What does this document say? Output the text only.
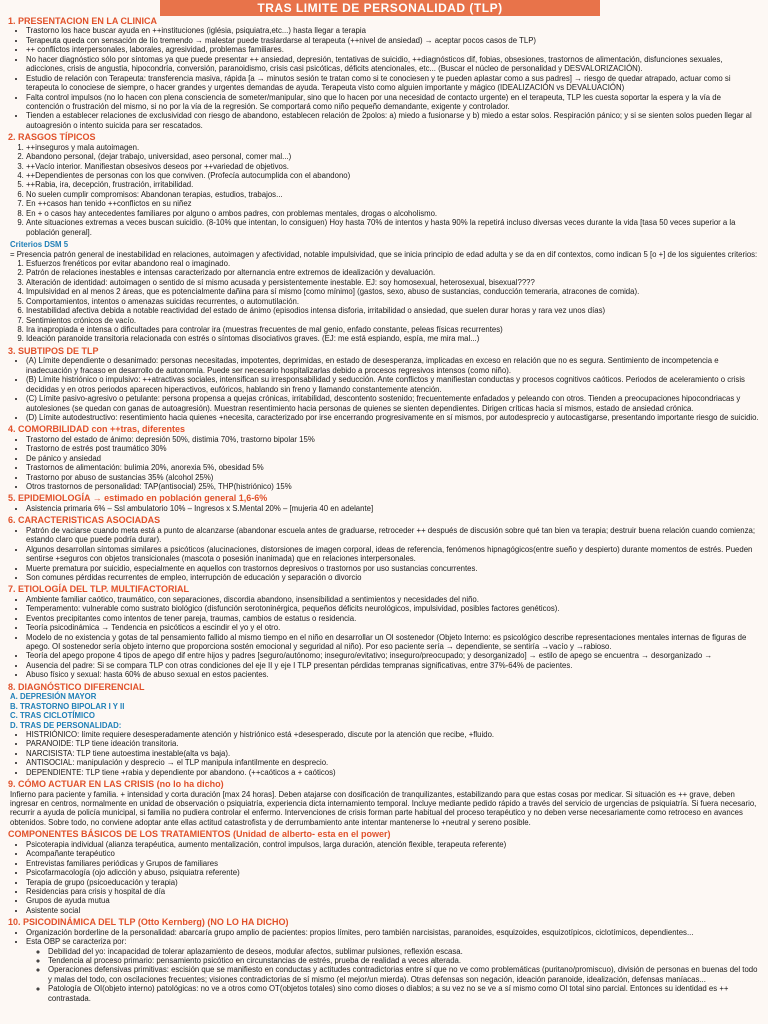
TRAS LIMITE DE PERSONALIDAD (TLP)
1. PRESENTACION EN LA CLINICA
• Trastorno los hace buscar ayuda en ++instituciones (iglésia, psiquiatra,etc...) hasta llegar a terapia
• Terapeuta queda con sensación de lío tremendo → malestar puede traslardarse al terapeuta (++nivel de ansiedad) → aceptar pocos casos de TLP)
• ++ conflictos interpersonales, laborales, agresividad, problemas familiares.
• No hacer diagnóstico sólo por síntomas ya que puede presentar ++ ansiedad, depresión, tentativas de suicidio, ++diagnósticos dif, fobias, obsesiones, trastornos de alimentación, disfunciones sexuales, adicciones, crisis de angustia, hipocondría, conversión, paranoidismo, crisis casi psicóticas, déficits atencionales, etc... (Buscar el núcleo de personalidad y DESVALORIZACIÓN).
• Estudio de relación con Terapeuta: transferencia masiva, rápida [a → minutos sesión te tratan como si te conociesen y te pueden aplastar como a sus padres] → riesgo de quedar atrapado, actuar como si terapeuta lo conociese de siempre, o hacer grandes y urgentes demandas de ayuda. Terapeuta visto como alguien importante y mágico (IDEALIZACIÓN vs DEVALUACIÓN)
• Falta control impulsos (no lo hacen con plena consciencia de someter/manipular, sino que lo hacen por una necesidad de contacto urgente) en el terapeuta, TLP les cuesta soportar la espera y la vía de contención o frustración del mismo, si no por la vía de la regresión. Se comportará como niño pequeño demandante, exigente y controlador.
• Tienden a establecer relaciones de exclusividad con riesgo de abandono, establecen relación de 2polos: a) miedo a fusionarse y b) miedo a estar solos. Respiración pánico; y si se sienten solos pueden llegar al autoagresión o intento suicida para ser rescatados.
2. RASGOS TÍPICOS
1. ++inseguros y mala autoimagen.
2. Abandono personal, (dejar trabajo, universidad, aseo personal, comer mal...)
3. ++Vacío interior. Manifiestan obsesivos deseos por ++variedad de objetivos.
4. ++Dependientes de personas con los que conviven. (Profecía autocumplida con el abandono)
5. ++Rabia, ira, decepción, frustración, irritabilidad.
6. No suelen cumplir compromisos: Abandonan terapias, estudios, trabajos...
7. En ++casos han tenido ++conflictos en su niñez
8. En + o casos hay antecedentes familiares por alguno o ambos padres, con problemas mentales, drogas o alcoholismo.
9. Ante situaciones extremas a veces buscan suicidio. (8-10% que intentan, lo consiguen) Hoy hasta 70% de intentos y hasta 90% la repetirá incluso diversas veces durante la vida [tasa 50 veces superior a la población general].
Criterios DSM 5
= Presencia patrón general de inestabilidad en relaciones, autoimagen y afectividad, notable impulsividad, que se inicia principio de edad adulta y se da en dif contextos, como indican 5 [o +] de los siguientes criterios:
1. Esfuerzos frenéticos por evitar abandono real o imaginado.
2. Patrón de relaciones inestables e intensas caracterizado por alternancia entre extremos de idealización y devaluación.
3. Alteración de identidad: autoimagen o sentido de sí mismo acusada y persistentemente inestable. EJ: soy homosexual, heterosexual, bisexual????
4. Impulsividad en al menos 2 áreas, que es potencialmente dañina para sí mismo [como mínimo] (gastos, sexo, abuso de sustancias, conducción temeraria, atracones de comida).
5. Comportamientos, intentos o amenazas suicidas recurrentes, o automutilación.
6. Inestabilidad afectiva debida a notable reactividad del estado de ánimo (episodios intensa disforia, irritabilidad o ansiedad, que suelen durar horas y rara vez unos días)
7. Sentimientos crónicos de vacío.
8. Ira inapropiada e intensa o dificultades para controlar ira (muestras frecuentes de mal genio, enfado constante, peleas físicas recurrentes)
9. Ideación paranoide transitoria relacionada con estrés o síntomas disociativos graves. (EJ: me está espiando, espía, me mira mal...)
3. SUBTIPOS DE TLP
• (A) Límite dependiente o desanimado: personas necesitadas, impotentes, deprimidas, en estado de desesperanza, implicadas en exceso en relación que no es segura. Sentimiento de incompetencia e inadecuación y fracaso en desarrollo de autonomía. Puede ser necesario hospitalizarlas debido a procesos regresivos intensos (como niño).
• (B) Límite histriónico o impulsivo: ++atractivas sociales, intensifican su irresponsabilidad y seducción. Ante conflictos y manifiestan conductas y procesos cognitivos caóticos. Periodos de aceleramiento o crisis decididas y en otros periodos aparecen hiperactivos, eufóricos, hablando sin freno y llamando constantemente atención.
• (C) Límite pasivo-agresivo o petulante: persona propensa a quejas crónicas, irritabilidad, descontento sostenido; frecuentemente enfadados y peleando con otros. Tienden a preocupaciones hipocondriacas y autolesiones (se quedan con ganas de autoagresión). Muestran resentimiento hacia personas de quienes se sienten dependientes. Dirigen críticas hacia sí mismos, estado de ansiedad crónica.
• (D) Límite autodestructivo: resentimiento hacia quienes +necesita, caracterizado por irse encerrando progresivamente en sí mismos, por autodesprecio y autocastigarse, presentando importante riesgo de suicidio.
4. COMORBILIDAD con ++tras, diferentes
• Trastorno del estado de ánimo: depresión 50%, distimia 70%, trastorno bipolar 15%
• Trastorno de estrés post traumático 30%
• De pánico y ansiedad
• Trastornos de alimentación: bulimia 20%, anorexia 5%, obesidad 5%
• Trastorno por abuso de sustancias 35% (alcohol 25%)
• Otros trastornos de personalidad: TAP(antisocial) 25%, THP(histriónico) 15%
5. EPIDEMIOLOGÍA → estimado en población general 1,6-6%
• Asistencia primaria 6% – Ssl ambulatorio 10% – Ingresos x S.Mental 20% – [mujeria 40 en adelante]
6. CARACTERISTICAS ASOCIADAS
• Patrón de vaciarse cuando meta está a punto de alcanzarse (abandonar escuela antes de graduarse, retroceder ++ después de discusión sobre qué tan bien va terapia; destruir buena relación cuando comienza; estando claro que puede podría durar).
• Algunos desarrollan síntomas similares a psicóticos (alucinaciones, distorsiones de imagen corporal, ideas de referencia, fenómenos hipnagógicos(entre sueño y despierto) durante momentos de estrés. Pueden sentirse +seguros con objetos transicionales (mascota o posesión inanimada) que en relaciones interpersonales.
• Muerte prematura por suicidio, especialmente en aquellos con trastornos depresivos o trastornos por uso sustancias concurrentes.
• Son comunes pérdidas recurrentes de empleo, interrupción de educación y separación o divorcio
7. ETIOLOGÍA DEL TLP. MULTIFACTORIAL
• Ambiente familiar caótico, traumático, con separaciones, discordia abandono, insensibilidad a sentimientos y necesidades del niño.
• Temperamento: vulnerable como sustrato biológico (disfunción serotoninérgica, pequeños déficits neurológicos, impulsividad, posibles factores genéticos).
• Eventos precipitantes como intentos de tener pareja, traumas, cambios de estatus o residencia.
• Teoría psicodinámica → Tendencia en psicóticos a escindir el yo y el otro.
• Modelo de no existencia y gotas de tal pensamiento fallido al mismo tiempo en el niño en desarrollar un Ol sostenedor (Objeto Interno: es psicológico describe representaciones mentales internas de figuras de apego. OI sostenedor sería objeto interno que proporciona sostén emocional y seguridad al niño). Por eso paciente sería → dependiente, se sentiría →vacío y →rabioso.
• Teoría del apego propone 4 tipos de apego dif entre hijos y padres [seguro/autónomo; inseguro/evitativo; inseguro/preocupado; y desorganizado] → estilo de apego se encuentra → desorganizado →
• Ausencia del padre: Si se compara TLP con otras condiciones del eje II y eje I TLP presentan pérdidas tempranas significativas, entre 37%-64% de pacientes.
• Abuso físico y sexual: hasta 60% de abuso sexual en estos pacientes.
8. DIAGNÓSTICO DIFERENCIAL
A. DEPRESIÓN MAYOR
B. TRASTORNO BIPOLAR I Y II
C. TRAS CICLOTÍMICO
D. TRAS DE PERSONALIDAD:
• HISTRIÓNICO: límite requiere desesperadamente atención y histriónico está +desesperado, discute por la atención que recibe, +fluido.
• PARANOIDE: TLP tiene ideación transitoria.
• NARCISISTA: TLP tiene autoestima inestable(alta vs baja).
• ANTISOCIAL: manipulación y desprecio → el TLP manipula infantilmente en desprecio.
• DEPENDIENTE: TLP tiene +rabia y dependiente por abandono. (++caóticos a + caóticos)
9. CÓMO ACTUAR EN LAS CRISIS (no lo ha dicho)
Infierno para paciente y familia. + intensidad y corta duración [max 24 horas]. Deben atajarse con dosificación de tranquilizantes, estabilizando para que estas cosas por medicar. Si situación es ++ grave, deben ingresar en centros, normalmente en unidad de observación o psiquiatría, experiencia dicta internamiento temporal. Incluye mediante pedido rápido a través del servicio de urgencias de psiquiatría. Si fuera necesario, recurrir a ayuda de policía municipal, si familia no pudiera controlar el enfermo. Intervenciones de crisis forman parte habitual del proceso terapéutico y no deben verse necesariamente como retroceso en avances obtenidos. Sobre todo, no conviene adoptar ante ellas actitud catastrofista y de derrumbamiento ante intentar mantenerse lo +neutral y sereno posible.
COMPONENTES BÁSICOS DE LOS TRATAMIENTOS (Unidad de alberto- esta en el power)
• Psicoterapia individual (alianza terapéutica, aumento mentalización, control impulsos, larga duración, atención flexible, terapeuta referente)
• Acompañante terapéutico
• Entrevistas familiares periódicas y Grupos de familiares
• Psicofarmacología (ojo adicción y abuso, psiquiatra referente)
• Terapia de grupo (psicoeducación y terapia)
• Residencias para crisis y hospital de día
• Grupos de ayuda mutua
• Asistente social
10. PSICODINÁMICA DEL TLP (Otto Kernberg) (NO LO HA DICHO)
• Organización borderline de la personalidad: abarcaría grupo amplio de pacientes: propios límites, pero también narcisistas, paranoides, esquizoides, esquizotípicos, ciclotímicos, dependientes...
• Esta OBP se caracteriza por:
◦ Debilidad del yo: incapacidad de tolerar aplazamiento de deseos, modular afectos, sublimar pulsiones, reflexión escasa.
◦ Tendencia al proceso primario: pensamiento psicótico en circunstancias de estrés, prueba de realidad a veces alterada.
◦ Operaciones defensivas primitivas: escisión que se manifiesto en conductas y actitudes contradictorias entre sí que no ve como problemáticas (puritano/promiscuo), división de personas en buenas del todo y malas del todo, con oscilaciones frecuentes; visiones contradictorias de sí mismo (el mejor/un mierda). Otras defensas son negación, ideación paranoide, idealización, defensas maníacas...
◦ Patología de OI(objeto interno) patológicas: no ve a otros como OT(objetos totales) sino como dioses o diablos; a su vez no se ve a sí mismo como Ol total sino parcial. Entonces su identidad es ++ contrastada.
